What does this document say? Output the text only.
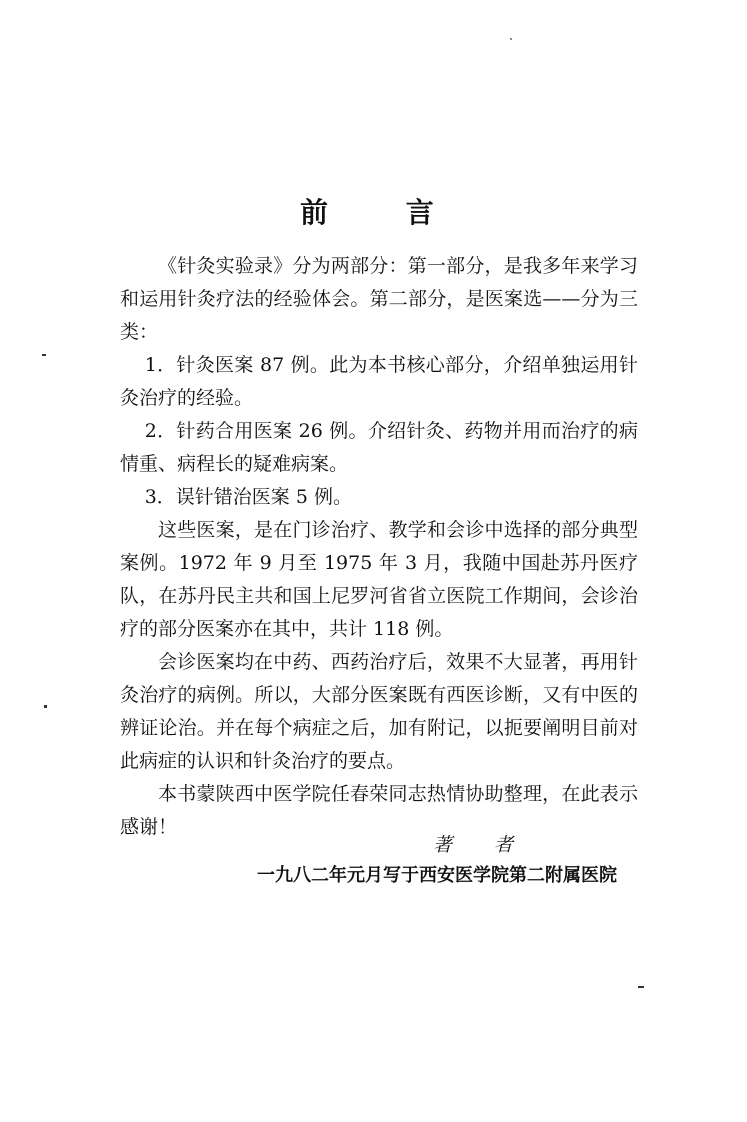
前 言

《针灸实验录》分为两部分：第一部分，是我多年来学习和运用针灸疗法的经验体会。第二部分，是医案选——分为三类：

1．针灸医案 87 例。此为本书核心部分，介绍单独运用针灸治疗的经验。

2．针药合用医案 26 例。介绍针灸、药物并用而治疗的病情重、病程长的疑难病案。

3．误针错治医案 5 例。

这些医案，是在门诊治疗、教学和会诊中选择的部分典型案例。1972 年 9 月至 1975 年 3 月，我随中国赴苏丹医疗队，在苏丹民主共和国上尼罗河省省立医院工作期间，会诊治疗的部分医案亦在其中，共计 118 例。

会诊医案均在中药、西药治疗后，效果不大显著，再用针灸治疗的病例。所以，大部分医案既有西医诊断，又有中医的辨证论治。并在每个病症之后，加有附记，以扼要阐明目前对此病症的认识和针灸治疗的要点。

本书蒙陕西中医学院任春荣同志热情协助整理，在此表示感谢！

著者
一九八二年元月写于西安医学院第二附属医院
